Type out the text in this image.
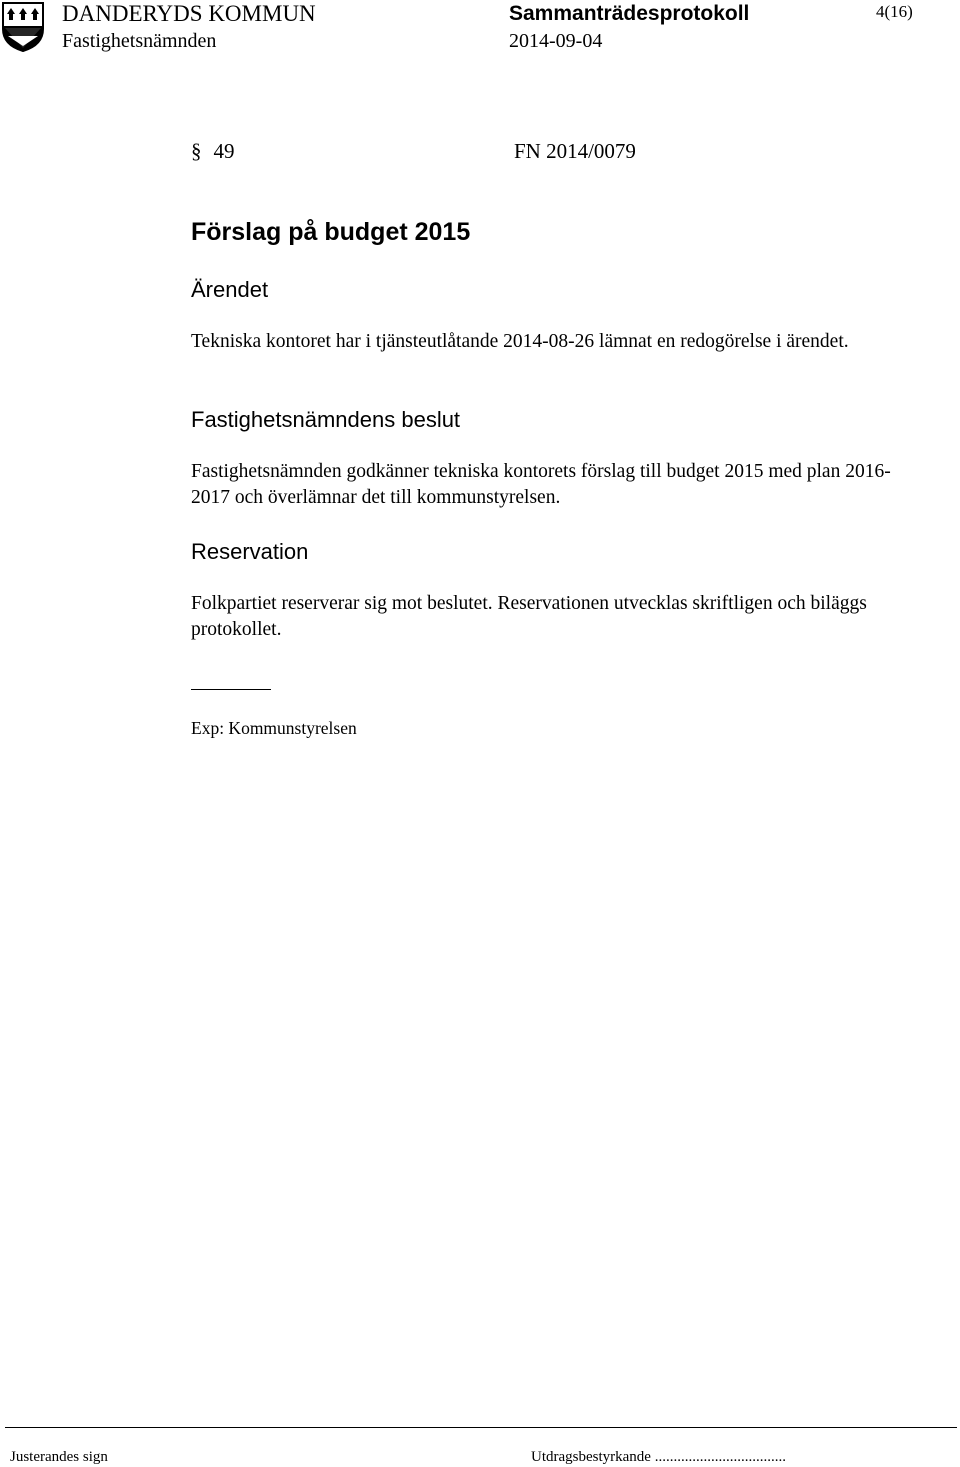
DANDERYDS KOMMUN
Fastighetsnämnden
Sammanträdesprotokoll
2014-09-04
4(16)
§ 49	FN 2014/0079
Förslag på budget 2015
Ärendet
Tekniska kontoret har i tjänsteutlåtande 2014-08-26 lämnat en redogörelse i ärendet.
Fastighetsnämndens beslut
Fastighetsnämnden godkänner tekniska kontorets förslag till budget 2015 med plan 2016-2017 och överlämnar det till kommunstyrelsen.
Reservation
Folkpartiet reserverar sig mot beslutet. Reservationen utvecklas skriftligen och biläggs protokollet.
Exp: Kommunstyrelsen
Justerandes sign	Utdragsbestyrkande ...................................
